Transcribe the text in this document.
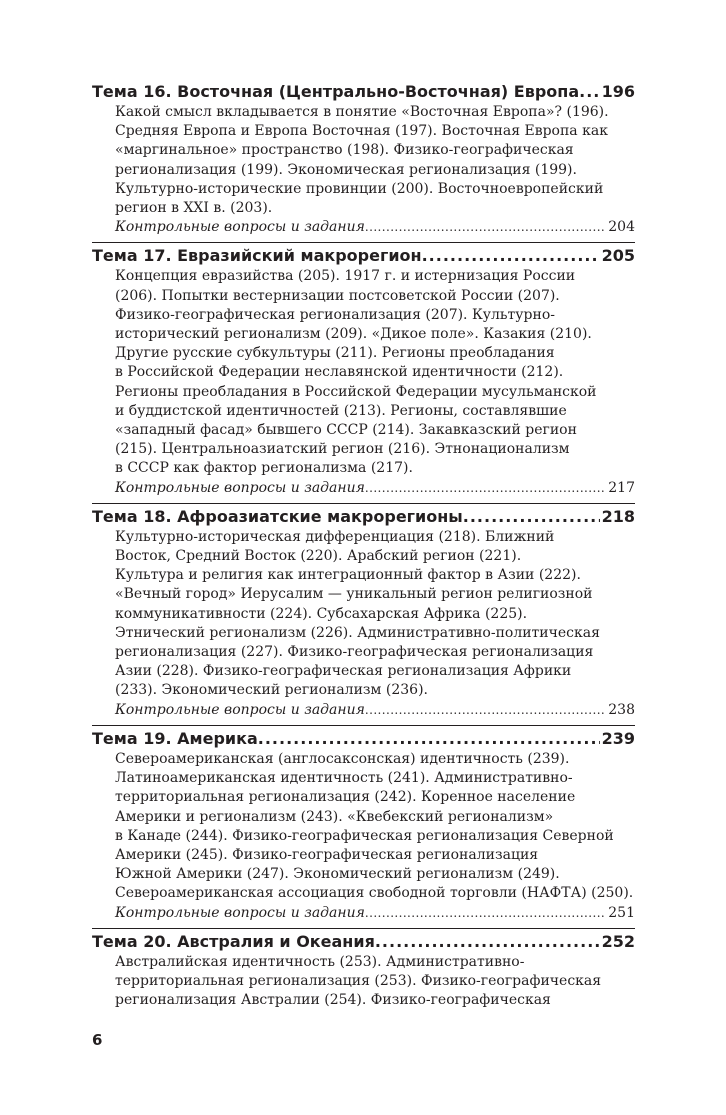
Тема 16. Восточная (Центрально-Восточная) Европа ..... 196
Какой смысл вкладывается в понятие «Восточная Европа»? (196).
Средняя Европа и Европа Восточная (197). Восточная Европа как
«маргинальное» пространство (198). Физико-географическая
регионализация (199). Экономическая регионализация (199).
Культурно-исторические провинции (200). Восточноевропейский
регион в XXI в. (203).
Контрольные вопросы и задания .....	204
Тема 17. Евразийский макрорегион .....	205
Концепция евразийства (205). 1917 г. и истернизация России
(206). Попытки вестернизации постсоветской России (207).
Физико-географическая регионализация (207). Культурно-
исторический регионализм (209). «Дикое поле». Казакия (210).
Другие русские субкультуры (211). Регионы преобладания
в Российской Федерации неславянской идентичности (212).
Регионы преобладания в Российской Федерации мусульманской
и буддистской идентичностей (213). Регионы, составлявшие
«западный фасад» бывшего СССР (214). Закавказский регион
(215). Центральноазиатский регион (216). Этнонационализм
в СССР как фактор регионализма (217).
Контрольные вопросы и задания .....	217
Тема 18. Афроазиатские макрорегионы .....	218
Культурно-историческая дифференциация (218). Ближний
Восток, Средний Восток (220). Арабский регион (221).
Культура и религия как интеграционный фактор в Азии (222).
«Вечный город» Иерусалим — уникальный регион религиозной
коммуникативности (224). Субсахарская Африка (225).
Этнический регионализм (226). Административно-политическая
регионализация (227). Физико-географическая регионализация
Азии (228). Физико-географическая регионализация Африки
(233). Экономический регионализм (236).
Контрольные вопросы и задания .....	238
Тема 19. Америка .....	239
Североамериканская (англосаксонская) идентичность (239).
Латиноамериканская идентичность (241). Административно-
территориальная регионализация (242). Коренное население
Америки и регионализм (243). «Квебекский регионализм»
в Канаде (244). Физико-географическая регионализация Северной
Америки (245). Физико-географическая регионализация
Южной Америки (247). Экономический регионализм (249).
Североамериканская ассоциация свободной торговли (НАФТА) (250).
Контрольные вопросы и задания .....	251
Тема 20. Австралия и Океания .....	252
Австралийская идентичность (253). Административно-
территориальная регионализация (253). Физико-географическая
регионализация Австралии (254). Физико-географическая
6
